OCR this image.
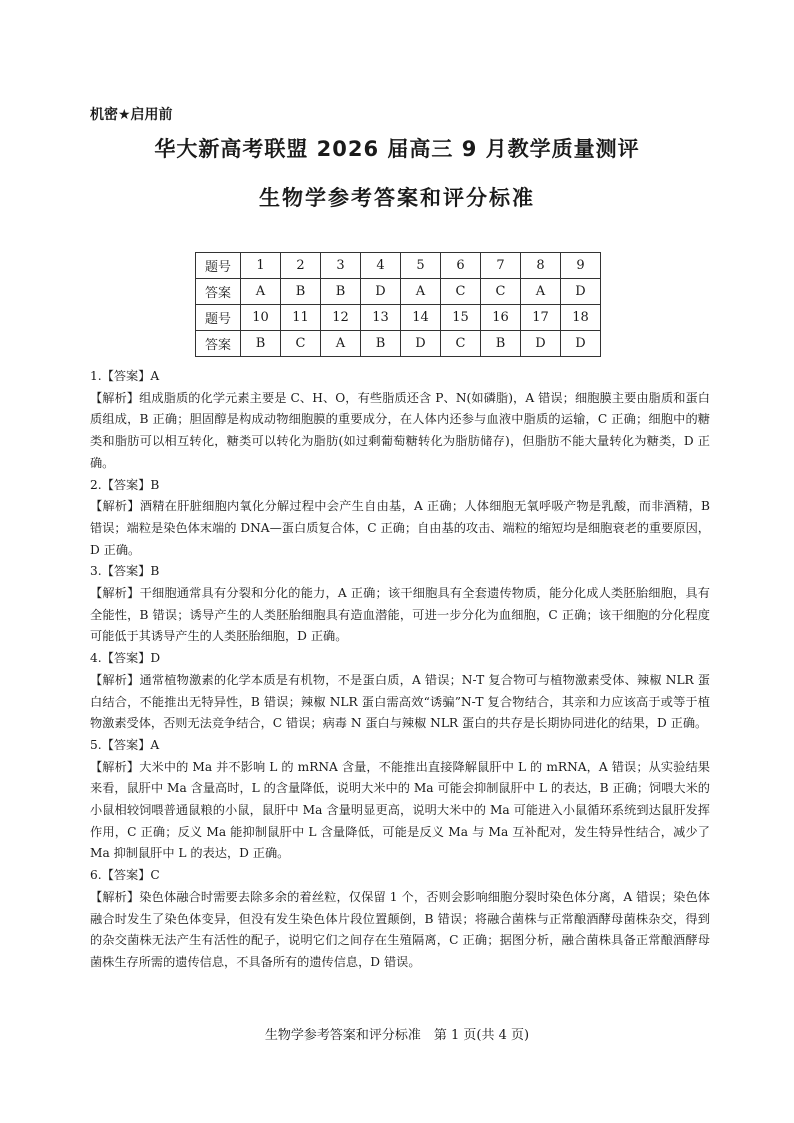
机密★启用前
华大新高考联盟 2026 届高三 9 月教学质量测评
生物学参考答案和评分标准
题号	1	2	3	4	5	6	7	8	9
答案	A	B	B	D	A	C	C	A	D
题号	10	11	12	13	14	15	16	17	18
答案	B	C	A	B	D	C	B	D	D

1.【答案】A

【解析】组成脂质的化学元素主要是 C、H、O，有些脂质还含 P、N(如磷脂)，A 错误；细胞膜主要由脂质和蛋白质组成，B 正确；胆固醇是构成动物细胞膜的重要成分，在人体内还参与血液中脂质的运输，C 正确；细胞中的糖类和脂肪可以相互转化，糖类可以转化为脂肪(如过剩葡萄糖转化为脂肪储存)，但脂肪不能大量转化为糖类，D 正确。

2.【答案】B

【解析】酒精在肝脏细胞内氧化分解过程中会产生自由基，A 正确；人体细胞无氧呼吸产物是乳酸，而非酒精，B 错误；端粒是染色体末端的 DNA—蛋白质复合体，C 正确；自由基的攻击、端粒的缩短均是细胞衰老的重要原因，D 正确。

3.【答案】B

【解析】干细胞通常具有分裂和分化的能力，A 正确；该干细胞具有全套遗传物质，能分化成人类胚胎细胞，具有全能性，B 错误；诱导产生的人类胚胎细胞具有造血潜能，可进一步分化为血细胞，C 正确；该干细胞的分化程度可能低于其诱导产生的人类胚胎细胞，D 正确。

4.【答案】D

【解析】通常植物激素的化学本质是有机物，不是蛋白质，A 错误；N-T 复合物可与植物激素受体、辣椒 NLR 蛋白结合，不能推出无特异性，B 错误；辣椒 NLR 蛋白需高效“诱骗”N-T 复合物结合，其亲和力应该高于或等于植物激素受体，否则无法竞争结合，C 错误；病毒 N 蛋白与辣椒 NLR 蛋白的共存是长期协同进化的结果，D 正确。

5.【答案】A

【解析】大米中的 Ma 并不影响 L 的 mRNA 含量，不能推出直接降解鼠肝中 L 的 mRNA，A 错误；从实验结果来看，鼠肝中 Ma 含量高时，L 的含量降低，说明大米中的 Ma 可能会抑制鼠肝中 L 的表达，B 正确；饲喂大米的小鼠相较饲喂普通鼠粮的小鼠，鼠肝中 Ma 含量明显更高，说明大米中的 Ma 可能进入小鼠循环系统到达鼠肝发挥作用，C 正确；反义 Ma 能抑制鼠肝中 L 含量降低，可能是反义 Ma 与 Ma 互补配对，发生特异性结合，减少了 Ma 抑制鼠肝中 L 的表达，D 正确。

6.【答案】C

【解析】染色体融合时需要去除多余的着丝粒，仅保留 1 个，否则会影响细胞分裂时染色体分离，A 错误；染色体融合时发生了染色体变异，但没有发生染色体片段位置颠倒，B 错误；将融合菌株与正常酿酒酵母菌株杂交，得到的杂交菌株无法产生有活性的配子，说明它们之间存在生殖隔离，C 正确；据图分析，融合菌株具备正常酿酒酵母菌株生存所需的遗传信息，不具备所有的遗传信息，D 错误。

生物学参考答案和评分标准　第 1 页(共 4 页)
